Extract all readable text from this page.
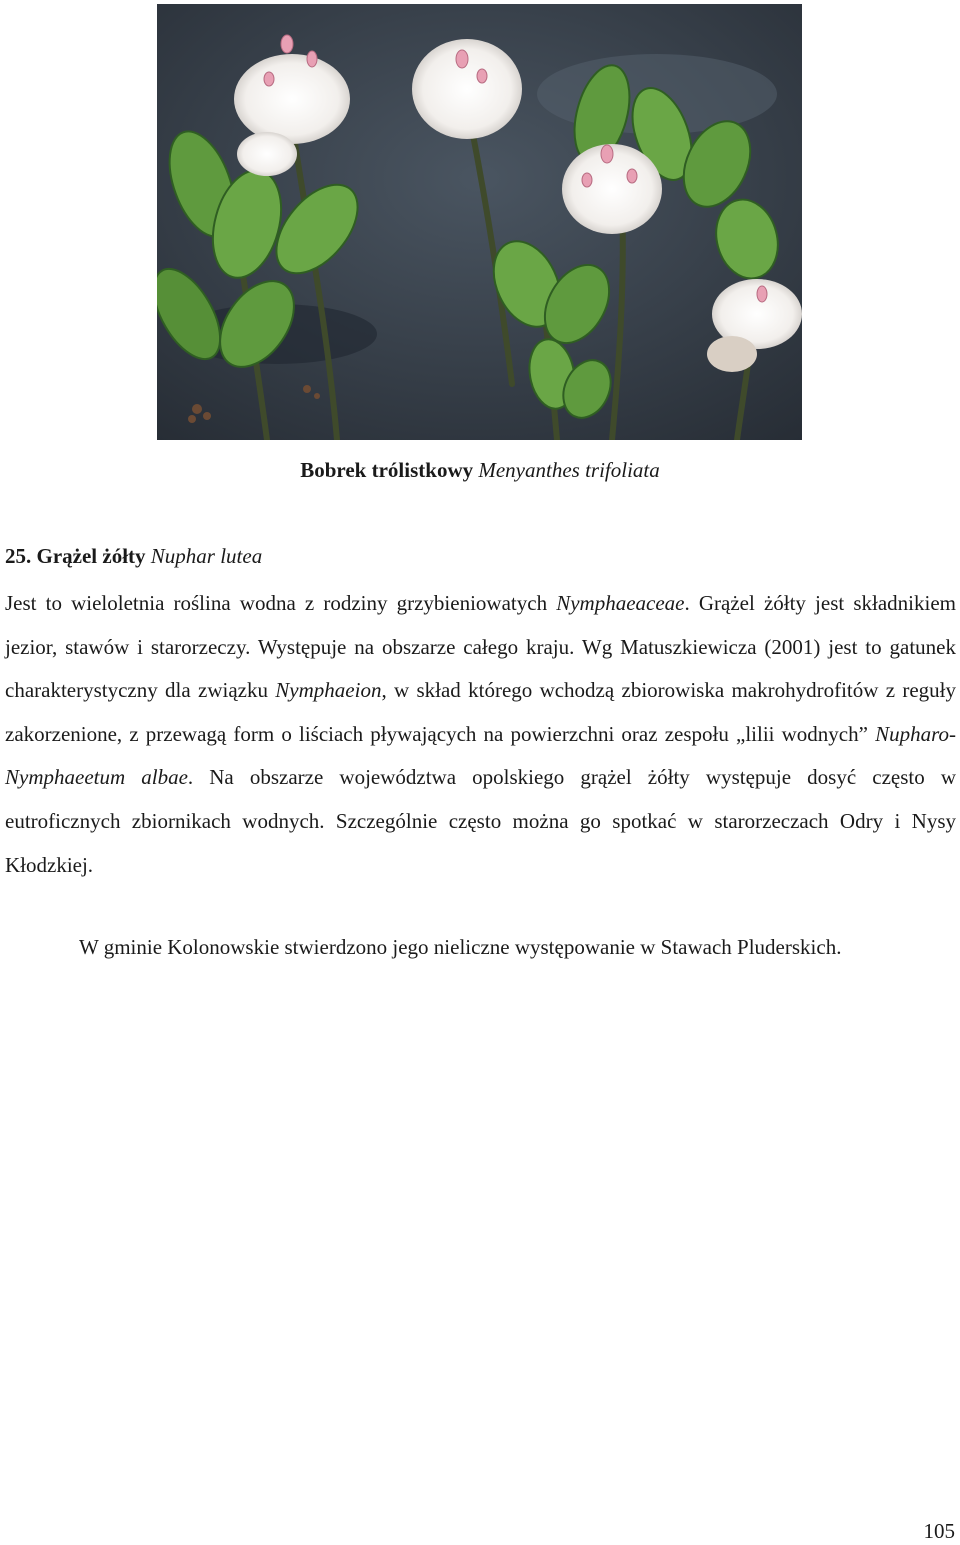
Bobrek trólistkowy Menyanthes trifoliata
25. Grążel żółty Nuphar lutea
Jest to wieloletnia roślina wodna z rodziny grzybieniowatych Nymphaeaceae. Grążel żółty jest składnikiem jezior, stawów i starorzeczy. Występuje na obszarze całego kraju. Wg Matuszkiewicza (2001) jest to gatunek charakterystyczny dla związku Nymphaeion, w skład którego wchodzą zbiorowiska makrohydrofitów z reguły zakorzenione, z przewagą form o liściach pływających na powierzchni oraz zespołu „lilii wodnych” Nupharo-Nymphaeetum albae. Na obszarze województwa opolskiego grążel żółty występuje dosyć często w eutroficznych zbiornikach wodnych. Szczególnie często można go spotkać w starorzeczach Odry i Nysy Kłodzkiej.
W gminie Kolonowskie stwierdzono jego nieliczne występowanie w Stawach Pluderskich.
105
